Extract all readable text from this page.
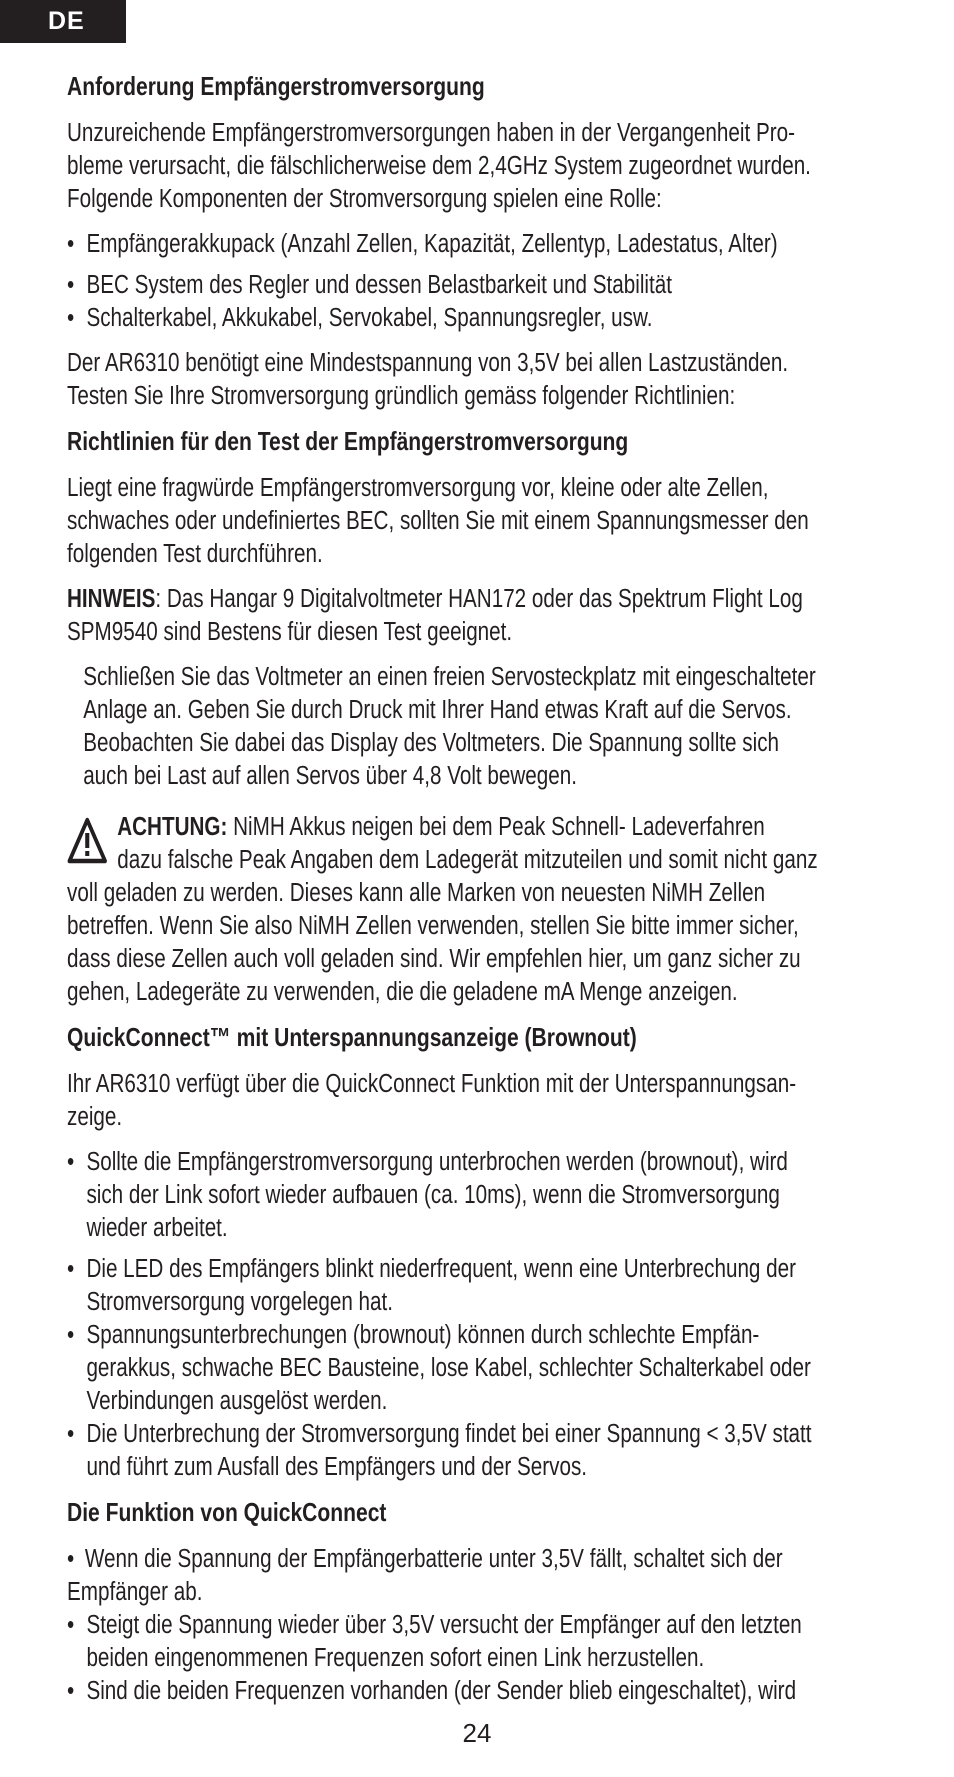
DE
Anforderung Empfängerstromversorgung

Unzureichende Empfängerstromversorgungen haben in der Vergangenheit Pro-
bleme verursacht, die fälschlicherweise dem 2,4GHz System zugeordnet wurden.
Folgende Komponenten der Stromversorgung spielen eine Rolle:

• Empfängerakkupack (Anzahl Zellen, Kapazität, Zellentyp, Ladestatus, Alter)
• BEC System des Regler und dessen Belastbarkeit und Stabilität
• Schalterkabel, Akkukabel, Servokabel, Spannungsregler, usw.

Der AR6310 benötigt eine Mindestspannung von 3,5V bei allen Lastzuständen.
Testen Sie Ihre Stromversorgung gründlich gemäss folgender Richtlinien:

Richtlinien für den Test der Empfängerstromversorgung

Liegt eine fragwürde Empfängerstromversorgung vor, kleine oder alte Zellen,
schwaches oder undefiniertes BEC, sollten Sie mit einem Spannungsmesser den
folgenden Test durchführen.

HINWEIS: Das Hangar 9 Digitalvoltmeter HAN172 oder das Spektrum Flight Log
SPM9540 sind Bestens für diesen Test geeignet.

Schließen Sie das Voltmeter an einen freien Servosteckplatz mit eingeschalteter
Anlage an. Geben Sie durch Druck mit Ihrer Hand etwas Kraft auf die Servos.
Beobachten Sie dabei das Display des Voltmeters. Die Spannung sollte sich
auch bei Last auf allen Servos über 4,8 Volt bewegen.

ACHTUNG: NiMH Akkus neigen bei dem Peak Schnell- Ladeverfahren
dazu falsche Peak Angaben dem Ladegerät mitzuteilen und somit nicht ganz
voll geladen zu werden. Dieses kann alle Marken von neuesten NiMH Zellen
betreffen. Wenn Sie also NiMH Zellen verwenden, stellen Sie bitte immer sicher,
dass diese Zellen auch voll geladen sind. Wir empfehlen hier, um ganz sicher zu
gehen, Ladegeräte zu verwenden, die die geladene mA Menge anzeigen.

QuickConnect™ mit Unterspannungsanzeige (Brownout)

Ihr AR6310 verfügt über die QuickConnect Funktion mit der Unterspannungsan-
zeige.

• Sollte die Empfängerstromversorgung unterbrochen werden (brownout), wird
sich der Link sofort wieder aufbauen (ca. 10ms), wenn die Stromversorgung
wieder arbeitet.
• Die LED des Empfängers blinkt niederfrequent, wenn eine Unterbrechung der
Stromversorgung vorgelegen hat.
• Spannungsunterbrechungen (brownout) können durch schlechte Empfän-
gerakkus, schwache BEC Bausteine, lose Kabel, schlechter Schalterkabel oder
Verbindungen ausgelöst werden.
• Die Unterbrechung der Stromversorgung findet bei einer Spannung < 3,5V statt
und führt zum Ausfall des Empfängers und der Servos.
Die Funktion von QuickConnect
• Wenn die Spannung der Empfängerbatterie unter 3,5V fällt, schaltet sich der
Empfänger ab.
• Steigt die Spannung wieder über 3,5V versucht der Empfänger auf den letzten
beiden eingenommenen Frequenzen sofort einen Link herzustellen.
• Sind die beiden Frequenzen vorhanden (der Sender blieb eingeschaltet), wird
24
